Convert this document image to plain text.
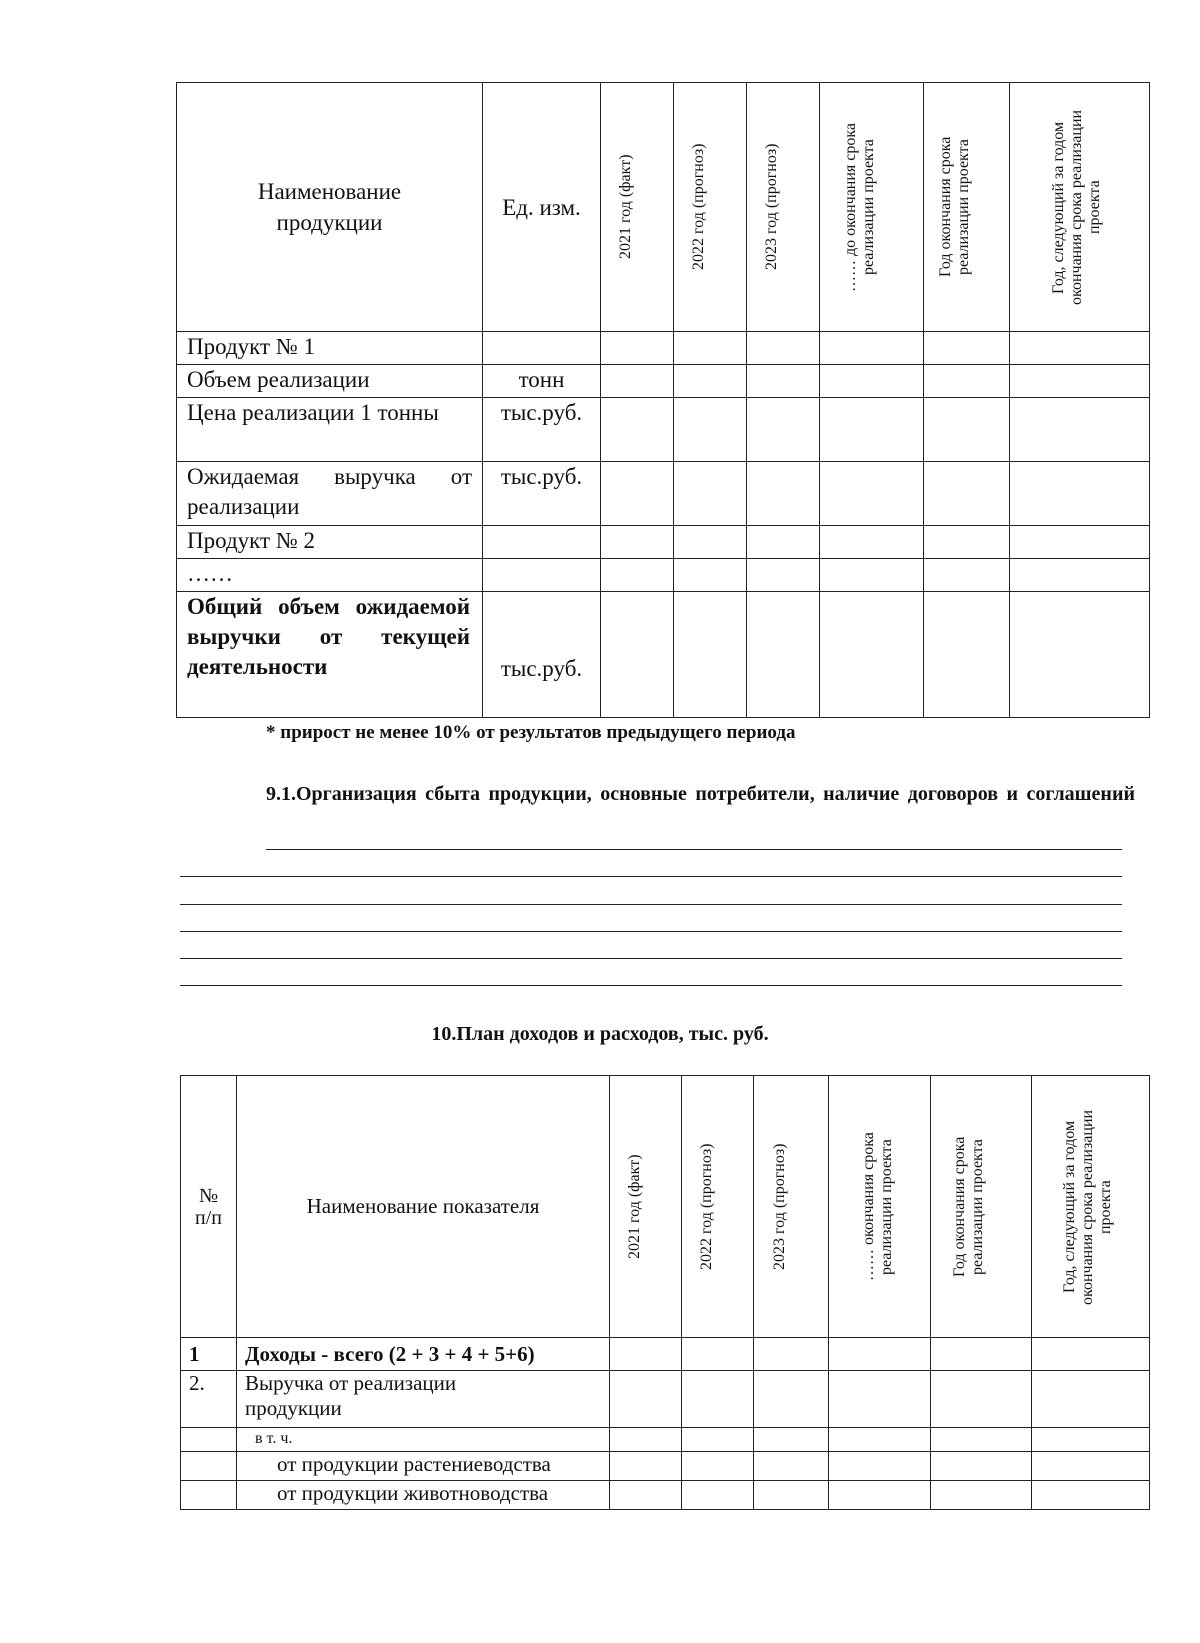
Наименование продукции	Ед. изм.	2021 год (факт)	2022 год (прогноз)	2023 год (прогноз)	…… до окончания срока реализации проекта	Год окончания срока реализации проекта	Год, следующий за годом окончания срока реализации проекта

Продукт № 1							
Объем реализации	тонн						
Цена реализации 1 тонны	тыс.руб.						
Ожидаемая выручка от реализации	тыс.руб.						
Продукт № 2							
……							
Общий объем ожидаемой выручки от текущей деятельности	тыс.руб.						
* прирост не менее 10% от результатов предыдущего периода
9.1.Организация сбыта продукции, основные потребители, наличие договоров и соглашений
10.План доходов и расходов, тыс. руб.
№ п/п	Наименование показателя	2021 год (факт)	2022 год (прогноз)	2023 год (прогноз)	…… окончания срока реализации проекта	Год окончания срока реализации проекта	Год, следующий за годом окончания срока реализации проекта

1	Доходы - всего (2 + 3 + 4 + 5+6)						
2.	Выручка от реализации продукции						
	в т. ч.						
	от продукции растениеводства						
	от продукции животноводства						
